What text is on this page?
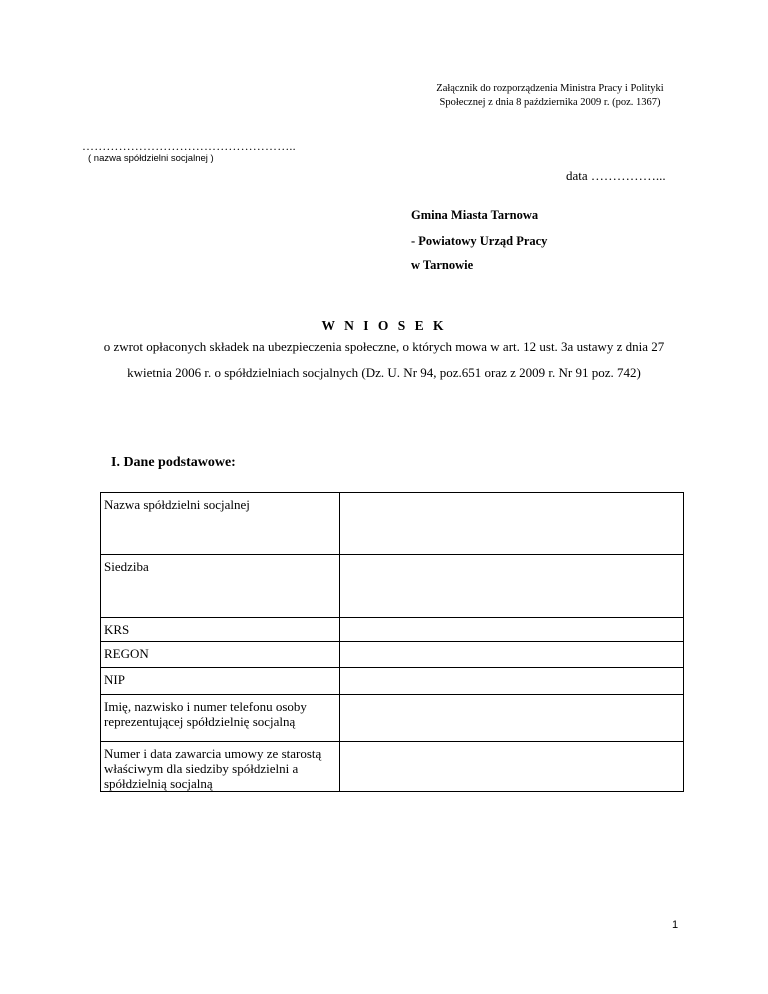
Załącznik do rozporządzenia Ministra Pracy i Polityki
Społecznej z dnia 8 października 2009 r. (poz. 1367)
……………………………………………..
( nazwa spółdzielni socjalnej )
data ……………...
Gmina Miasta Tarnowa
- Powiatowy Urząd Pracy
w Tarnowie
W N I O S E K
o zwrot opłaconych składek na ubezpieczenia społeczne, o których mowa w art. 12 ust. 3a ustawy z dnia 27 kwietnia 2006 r. o spółdzielniach socjalnych (Dz. U. Nr 94, poz.651 oraz z 2009 r. Nr 91 poz. 742)
I. Dane podstawowe:
Nazwa spółdzielni socjalnej	
Siedziba	
KRS	
REGON	
NIP	
Imię, nazwisko i numer telefonu osoby reprezentującej spółdzielnię socjalną	
Numer i data zawarcia umowy ze starostą właściwym dla siedziby spółdzielni a spółdzielnią socjalną	
1
